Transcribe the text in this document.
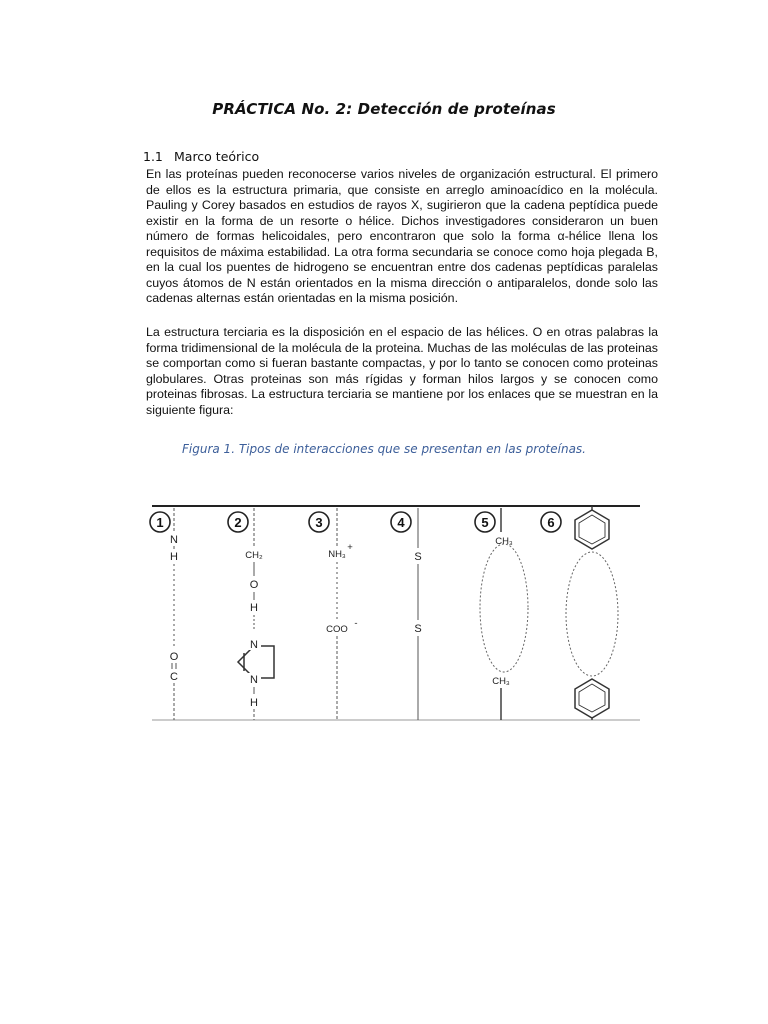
PRÁCTICA No. 2: Detección de proteínas
1.1 Marco teórico
En las proteínas pueden reconocerse varios niveles de organización estructural. El primero de ellos es la estructura primaria, que consiste en arreglo aminoacídico en la molécula. Pauling y Corey basados en estudios de rayos X, sugirieron que la cadena peptídica puede existir en la forma de un resorte o hélice. Dichos investigadores consideraron un buen número de formas helicoidales, pero encontraron que solo la forma α-hélice llena los requisitos de máxima estabilidad. La otra forma secundaria se conoce como hoja plegada B, en la cual los puentes de hidrogeno se encuentran entre dos cadenas peptídicas paralelas cuyos átomos de N están orientados en la misma dirección o antiparalelos, donde solo las cadenas alternas están orientadas en la misma posición.
La estructura terciaria es la disposición en el espacio de las hélices. O en otras palabras la forma tridimensional de la molécula de la proteina. Muchas de las moléculas de las proteinas se comportan como si fueran bastante compactas, y por lo tanto se conocen como proteinas globulares. Otras proteinas son más rígidas y forman hilos largos y se conocen como proteinas fibrosas. La estructura terciaria se mantiene por los enlaces que se muestran en la siguiente figura:
Figura 1. Tipos de interacciones que se presentan en las proteínas.
1	2	3	4	5	6
N
H
O
C
CH₂
O
H
N
N
H
NH₃
+
COO
-
S
S
CH₃
CH₃
